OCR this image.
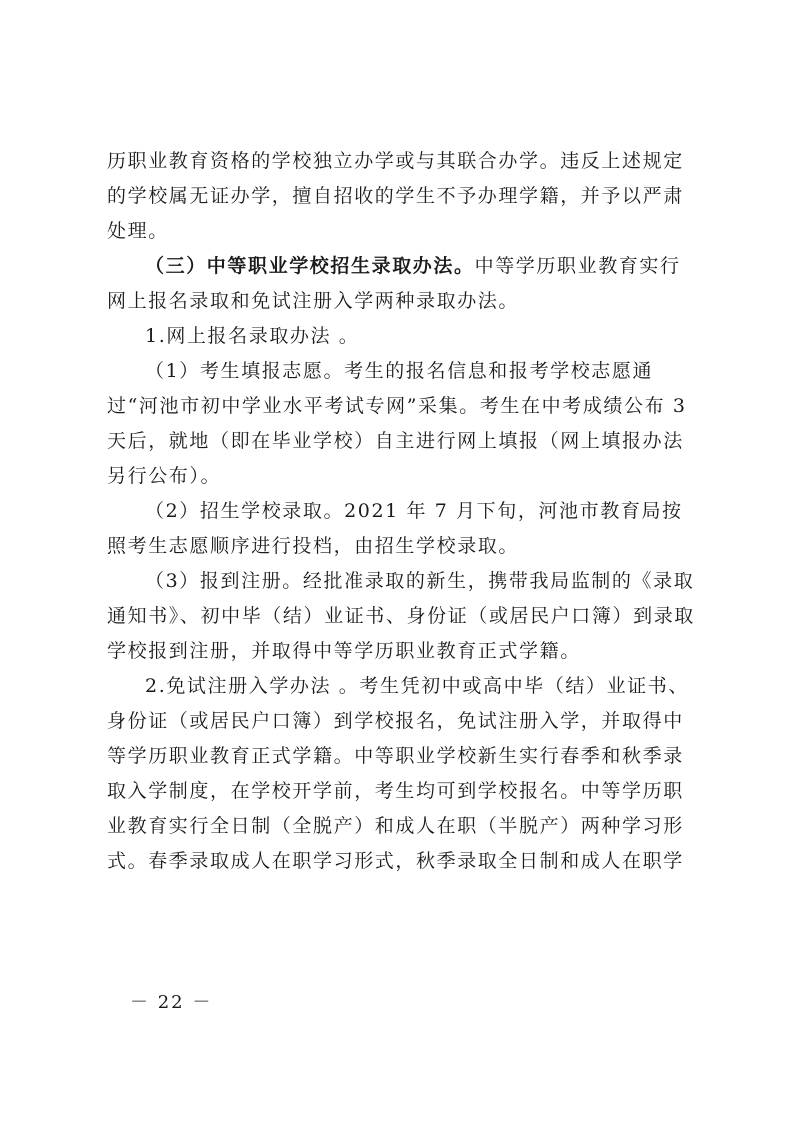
历职业教育资格的学校独立办学或与其联合办学。违反上述规定的学校属无证办学，擅自招收的学生不予办理学籍，并予以严肃处理。

（三）中等职业学校招生录取办法。中等学历职业教育实行网上报名录取和免试注册入学两种录取办法。

1.网上报名录取办法 。

（1）考生填报志愿。考生的报名信息和报考学校志愿通过“河池市初中学业水平考试专网”采集。考生在中考成绩公布 3 天后，就地（即在毕业学校）自主进行网上填报（网上填报办法另行公布）。

（2）招生学校录取。2021 年 7 月下旬，河池市教育局按照考生志愿顺序进行投档，由招生学校录取。

（3）报到注册。经批准录取的新生，携带我局监制的《录取通知书》、初中毕（结）业证书、身份证（或居民户口簿）到录取学校报到注册，并取得中等学历职业教育正式学籍。

2.免试注册入学办法 。考生凭初中或高中毕（结）业证书、身份证（或居民户口簿）到学校报名，免试注册入学，并取得中等学历职业教育正式学籍。中等职业学校新生实行春季和秋季录取入学制度，在学校开学前，考生均可到学校报名。中等学历职业教育实行全日制（全脱产）和成人在职（半脱产）两种学习形式。春季录取成人在职学习形式，秋季录取全日制和成人在职学

－ 22 －
